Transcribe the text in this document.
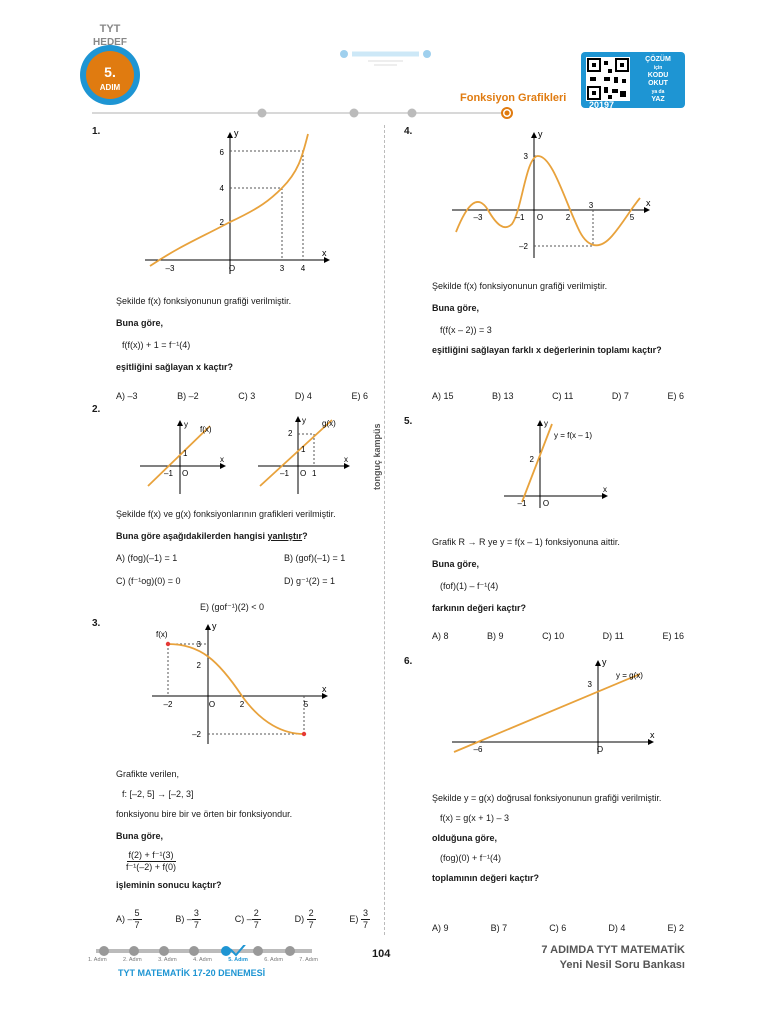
TYT
HEDEF
5.
ADIM
Fonksiyon Grafikleri
ÇÖZÜM
için
KODU
OKUT
ya da
YAZ
20197
tonguç kampüs
1.
x
y
6
4
2
–3	O	3 4
Şekilde f(x) fonksiyonunun grafiği verilmiştir.
Buna göre,
f(f(x)) + 1 = f⁻¹(4)
eşitliğini sağlayan x kaçtır?
A) –3	B) –2	C) 3	D) 4	E) 6
2.
x
y
f(x)
1
–1 O
x
y g(x)
2
1
–1 O 1
Şekilde f(x) ve g(x) fonksiyonlarının grafikleri verilmiştir.
Buna göre aşağıdakilerden hangisi yanlıştır?
A) (fog)(–1) = 1	B) (gof)(–1) = 1
C) (f⁻¹og)(0) = 0	D) g⁻¹(2) = 1
E) (gof⁻¹)(2) < 0
3.
x
y
f(x)
3
2
–2
–2	O	2	5
Grafikte verilen,
f: [–2, 5] → [–2, 3]
fonksiyonu bire bir ve örten bir fonksiyondur.
Buna göre,
$\frac{\text{f(2) + f⁻¹(3)}}{\text{f⁻¹(–2) + f(0)}}$
işleminin sonucu kaçtır?
$A) - \frac{5}{7}$	$B) - \frac{3}{7}$	$C) - \frac{2}{7}$	$D) \frac{2}{7}$	$E) \frac{3}{7}$
4.
x
y
3
–2
–3	–1 O	2
3
5
Şekilde f(x) fonksiyonunun grafiği verilmiştir.
Buna göre,
f(f(x – 2)) = 3
eşitliğini sağlayan farklı x değerlerinin toplamı kaçtır?
A) 15	B) 13	C) 11	D) 7	E) 6
5.
x
y
y = f(x – 1)
2
–1 O
Grafik R → R ye y = f(x – 1) fonksiyonuna aittir.
Buna göre,
(fof)(1) – f⁻¹(4)
farkının değeri kaçtır?
A) 8	B) 9	C) 10	D) 11	E) 16
6.
x
y
y = g(x)
3
–6	O
Şekilde y = g(x) doğrusal fonksiyonunun grafiği verilmiştir.
f(x) = g(x + 1) – 3
olduğuna göre,
(fog)(0) + f⁻¹(4)
toplamının değeri kaçtır?
A) 9	B) 7	C) 6	D) 4	E) 2
1. Adım	2. Adım	3. Adım	4. Adım	5. Adım	6. Adım	7. Adım
TYT MATEMATİK 17-20 DENEMESİ
104	7 ADIMDA TYT MATEMATİK
Yeni Nesil Soru Bankası
